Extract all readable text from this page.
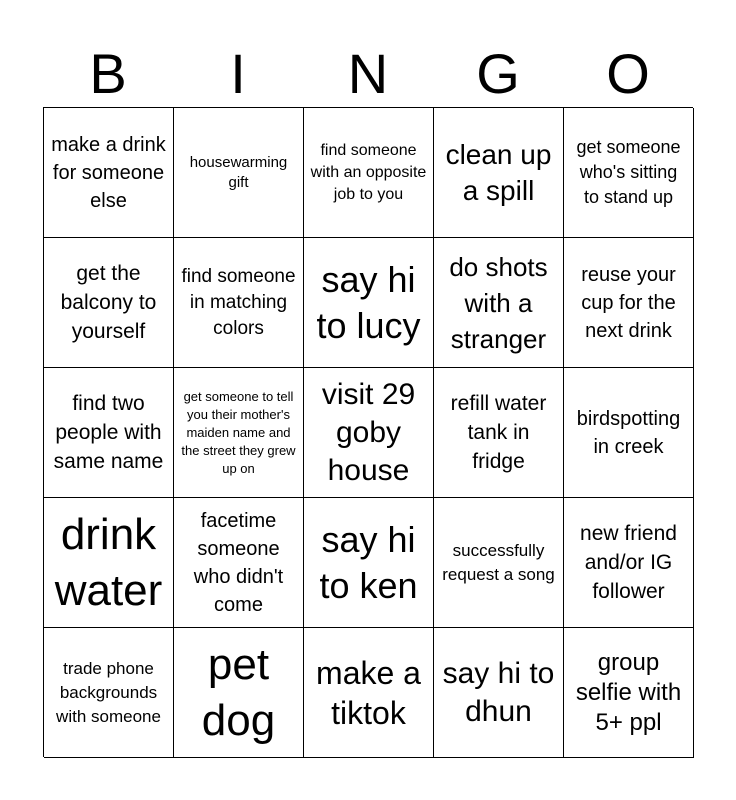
B	I	N	G	O
make a drink for someone else
housewarming gift
find someone with an opposite job to you
clean up a spill
get someone who's sitting to stand up
get the balcony to yourself
find someone in matching colors
say hi to lucy
do shots with a stranger
reuse your cup for the next drink
find two people with same name
get someone to tell you their mother's maiden name and the street they grew up on
visit 29 goby house
refill water tank in fridge
birdspotting in creek
drink water
facetime someone who didn't come
say hi to ken
successfully request a song
new friend and/or IG follower
trade phone backgrounds with someone
pet dog
make a tiktok
say hi to dhun
group selfie with 5+ ppl
